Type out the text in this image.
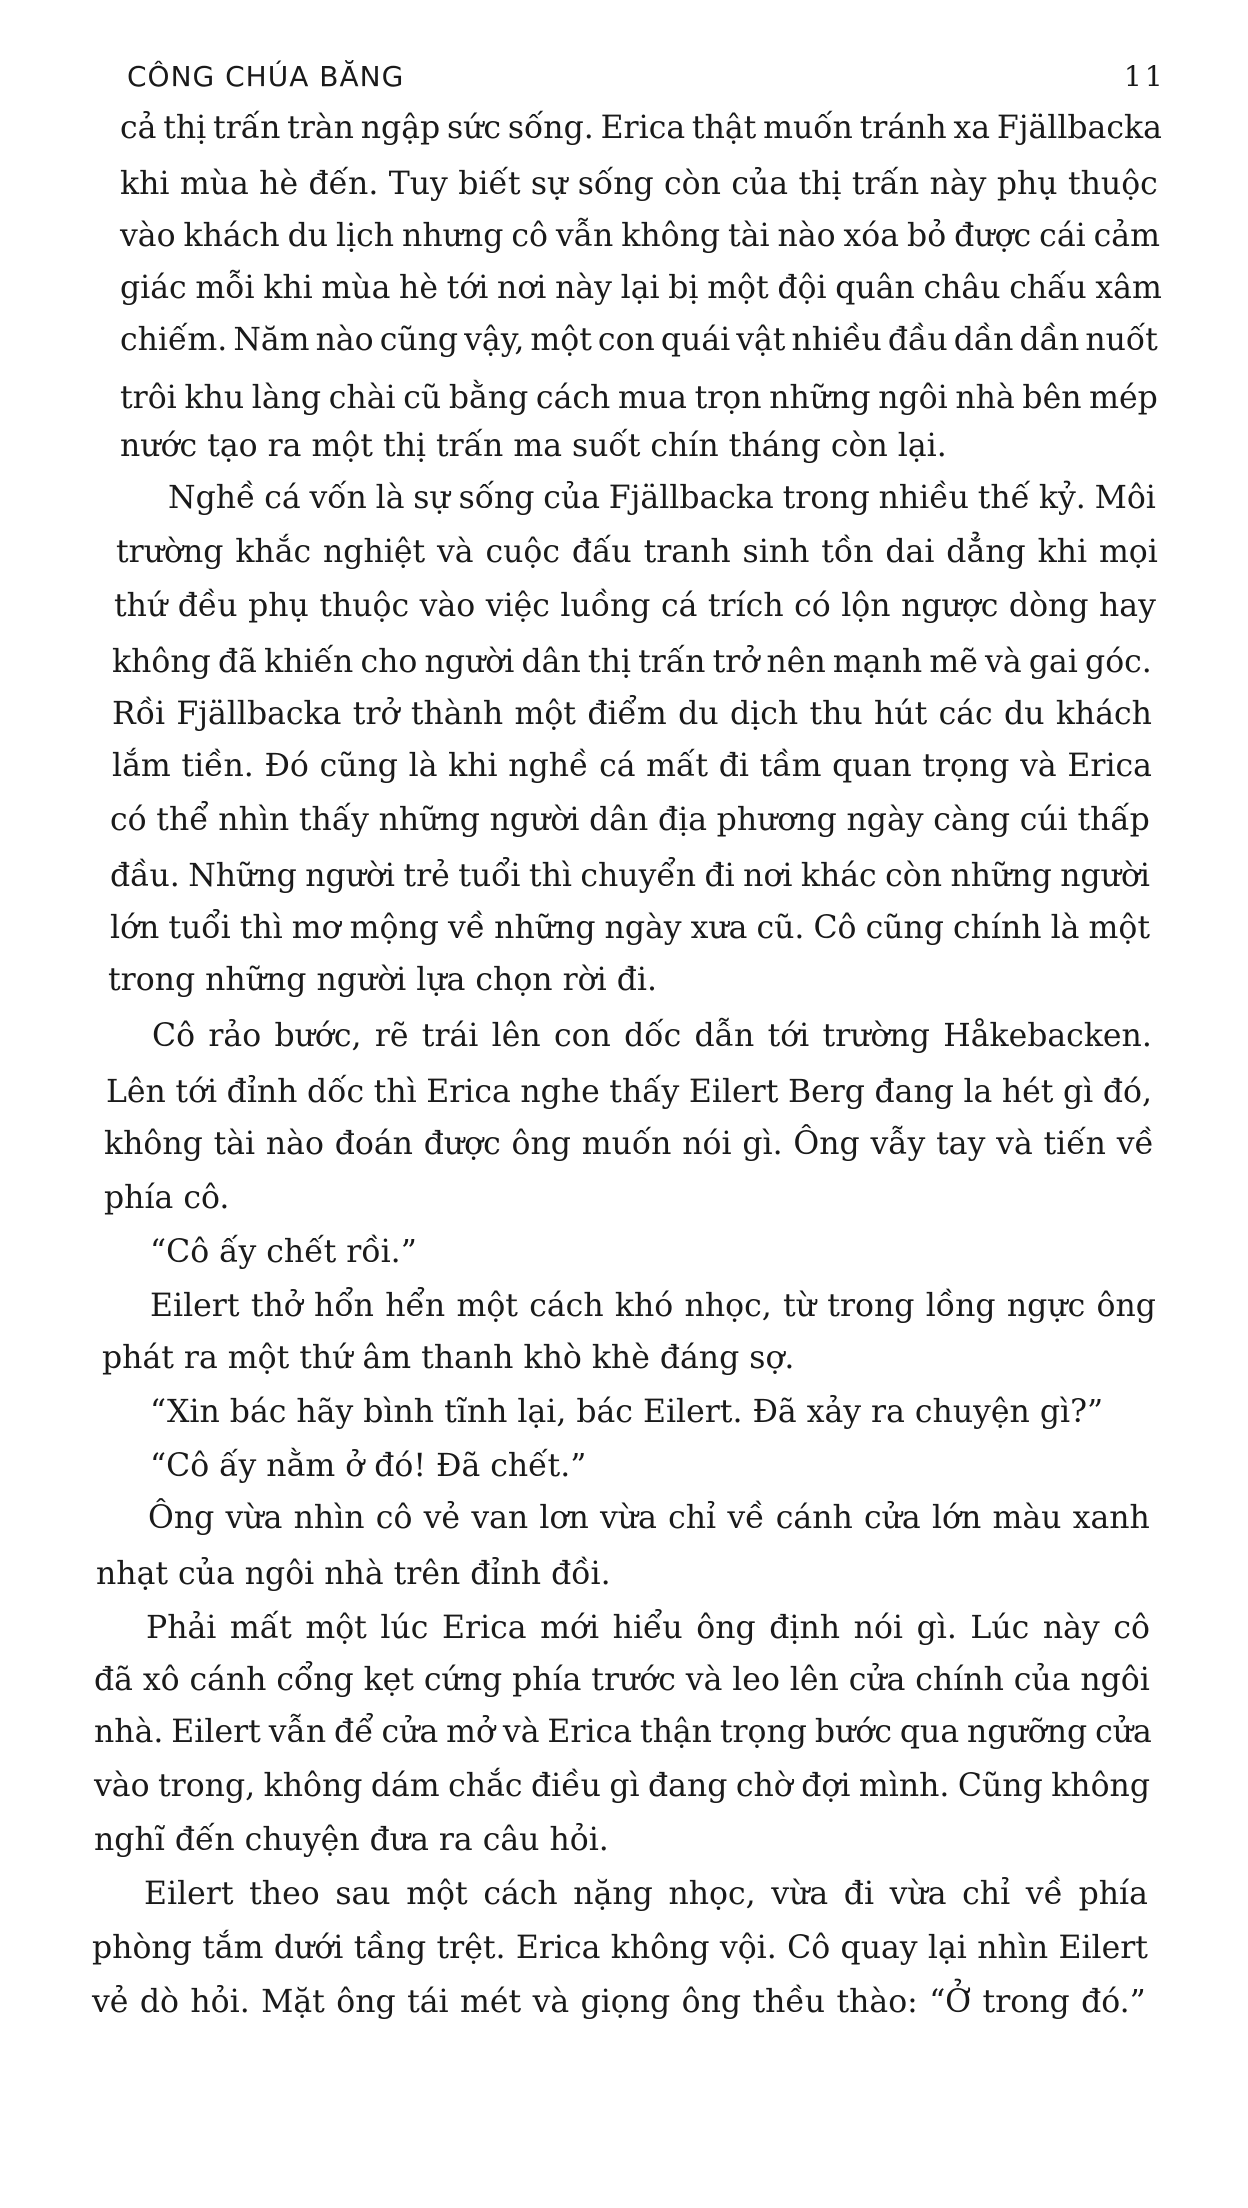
CÔNG CHÚA BĂNG	11
cả thị trấn tràn ngập sức sống. Erica thật muốn tránh xa Fjällbacka
khi mùa hè đến. Tuy biết sự sống còn của thị trấn này phụ thuộc
vào khách du lịch nhưng cô vẫn không tài nào xóa bỏ được cái cảm
giác mỗi khi mùa hè tới nơi này lại bị một đội quân châu chấu xâm
chiếm. Năm nào cũng vậy, một con quái vật nhiều đầu dần dần nuốt
trôi khu làng chài cũ bằng cách mua trọn những ngôi nhà bên mép
nước tạo ra một thị trấn ma suốt chín tháng còn lại.
Nghề cá vốn là sự sống của Fjällbacka trong nhiều thế kỷ. Môi
trường khắc nghiệt và cuộc đấu tranh sinh tồn dai dẳng khi mọi
thứ đều phụ thuộc vào việc luồng cá trích có lộn ngược dòng hay
không đã khiến cho người dân thị trấn trở nên mạnh mẽ và gai góc.
Rồi Fjällbacka trở thành một điểm du dịch thu hút các du khách
lắm tiền. Đó cũng là khi nghề cá mất đi tầm quan trọng và Erica
có thể nhìn thấy những người dân địa phương ngày càng cúi thấp
đầu. Những người trẻ tuổi thì chuyển đi nơi khác còn những người
lớn tuổi thì mơ mộng về những ngày xưa cũ. Cô cũng chính là một
trong những người lựa chọn rời đi.
Cô rảo bước, rẽ trái lên con dốc dẫn tới trường Håkebacken.
Lên tới đỉnh dốc thì Erica nghe thấy Eilert Berg đang la hét gì đó,
không tài nào đoán được ông muốn nói gì. Ông vẫy tay và tiến về
phía cô.
“Cô ấy chết rồi.”
Eilert thở hổn hển một cách khó nhọc, từ trong lồng ngực ông
phát ra một thứ âm thanh khò khè đáng sợ.
“Xin bác hãy bình tĩnh lại, bác Eilert. Đã xảy ra chuyện gì?”
“Cô ấy nằm ở đó! Đã chết.”
Ông vừa nhìn cô vẻ van lơn vừa chỉ về cánh cửa lớn màu xanh
nhạt của ngôi nhà trên đỉnh đồi.
Phải mất một lúc Erica mới hiểu ông định nói gì. Lúc này cô
đã xô cánh cổng kẹt cứng phía trước và leo lên cửa chính của ngôi
nhà. Eilert vẫn để cửa mở và Erica thận trọng bước qua ngưỡng cửa
vào trong, không dám chắc điều gì đang chờ đợi mình. Cũng không
nghĩ đến chuyện đưa ra câu hỏi.
Eilert theo sau một cách nặng nhọc, vừa đi vừa chỉ về phía
phòng tắm dưới tầng trệt. Erica không vội. Cô quay lại nhìn Eilert
vẻ dò hỏi. Mặt ông tái mét và giọng ông thều thào: “Ở trong đó.”
